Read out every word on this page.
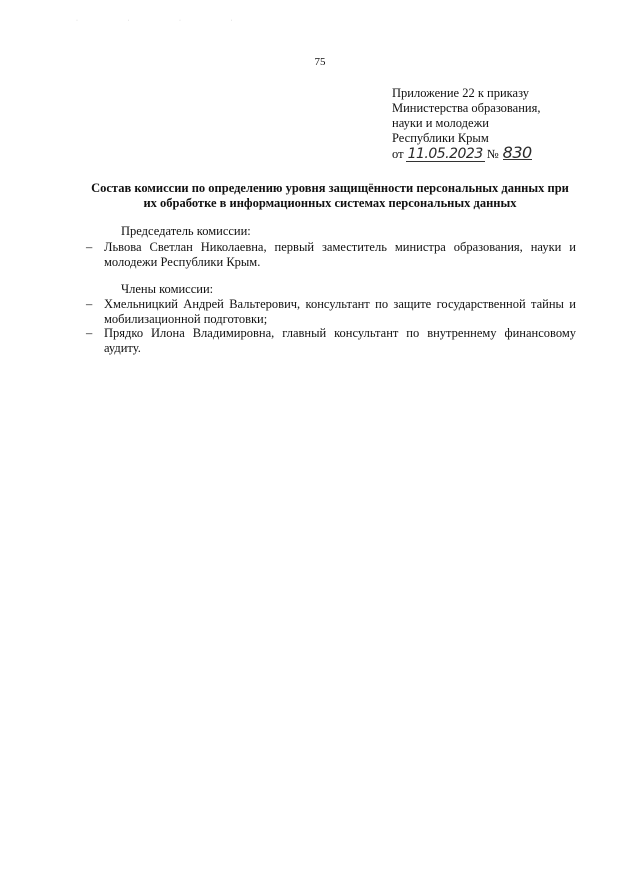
· · · ·
75
Приложение 22 к приказу
Министерства образования,
науки и молодежи
Республики Крым
от 11.05.2023 № 830
Состав комиссии по определению уровня защищённости персональных данных при их обработке в информационных системах персональных данных
Председатель комиссии:
– Львова Светлан Николаевна, первый заместитель министра образования, науки и молодежи Республики Крым.
Члены комиссии:
– Хмельницкий Андрей Вальтерович, консультант по защите государственной тайны и мобилизационной подготовки;
– Прядко Илона Владимировна, главный консультант по внутреннему финансовому аудиту.
